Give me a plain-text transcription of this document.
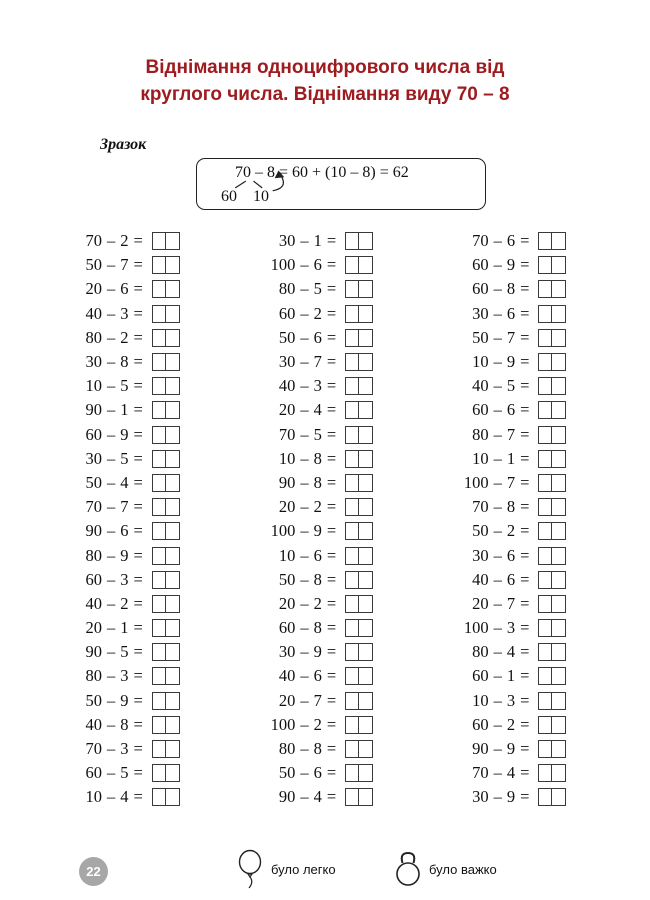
Віднімання одноцифрового числа від
круглого числа. Віднімання виду 70 – 8
Зразок
70 – 8 = 60 + (10 – 8) = 62
60 10
70 – 2 =
50 – 7 =
20 – 6 =
40 – 3 =
80 – 2 =
30 – 8 =
10 – 5 =
90 – 1 =
60 – 9 =
30 – 5 =
50 – 4 =
70 – 7 =
90 – 6 =
80 – 9 =
60 – 3 =
40 – 2 =
20 – 1 =
90 – 5 =
80 – 3 =
50 – 9 =
40 – 8 =
70 – 3 =
60 – 5 =
10 – 4 =
30 – 1 =
100 – 6 =
80 – 5 =
60 – 2 =
50 – 6 =
30 – 7 =
40 – 3 =
20 – 4 =
70 – 5 =
10 – 8 =
90 – 8 =
20 – 2 =
100 – 9 =
10 – 6 =
50 – 8 =
20 – 2 =
60 – 8 =
30 – 9 =
40 – 6 =
20 – 7 =
100 – 2 =
80 – 8 =
50 – 6 =
90 – 4 =
70 – 6 =
60 – 9 =
60 – 8 =
30 – 6 =
50 – 7 =
10 – 9 =
40 – 5 =
60 – 6 =
80 – 7 =
10 – 1 =
100 – 7 =
70 – 8 =
50 – 2 =
30 – 6 =
40 – 6 =
20 – 7 =
100 – 3 =
80 – 4 =
60 – 1 =
10 – 3 =
60 – 2 =
90 – 9 =
70 – 4 =
30 – 9 =
22	було легко	було важко
